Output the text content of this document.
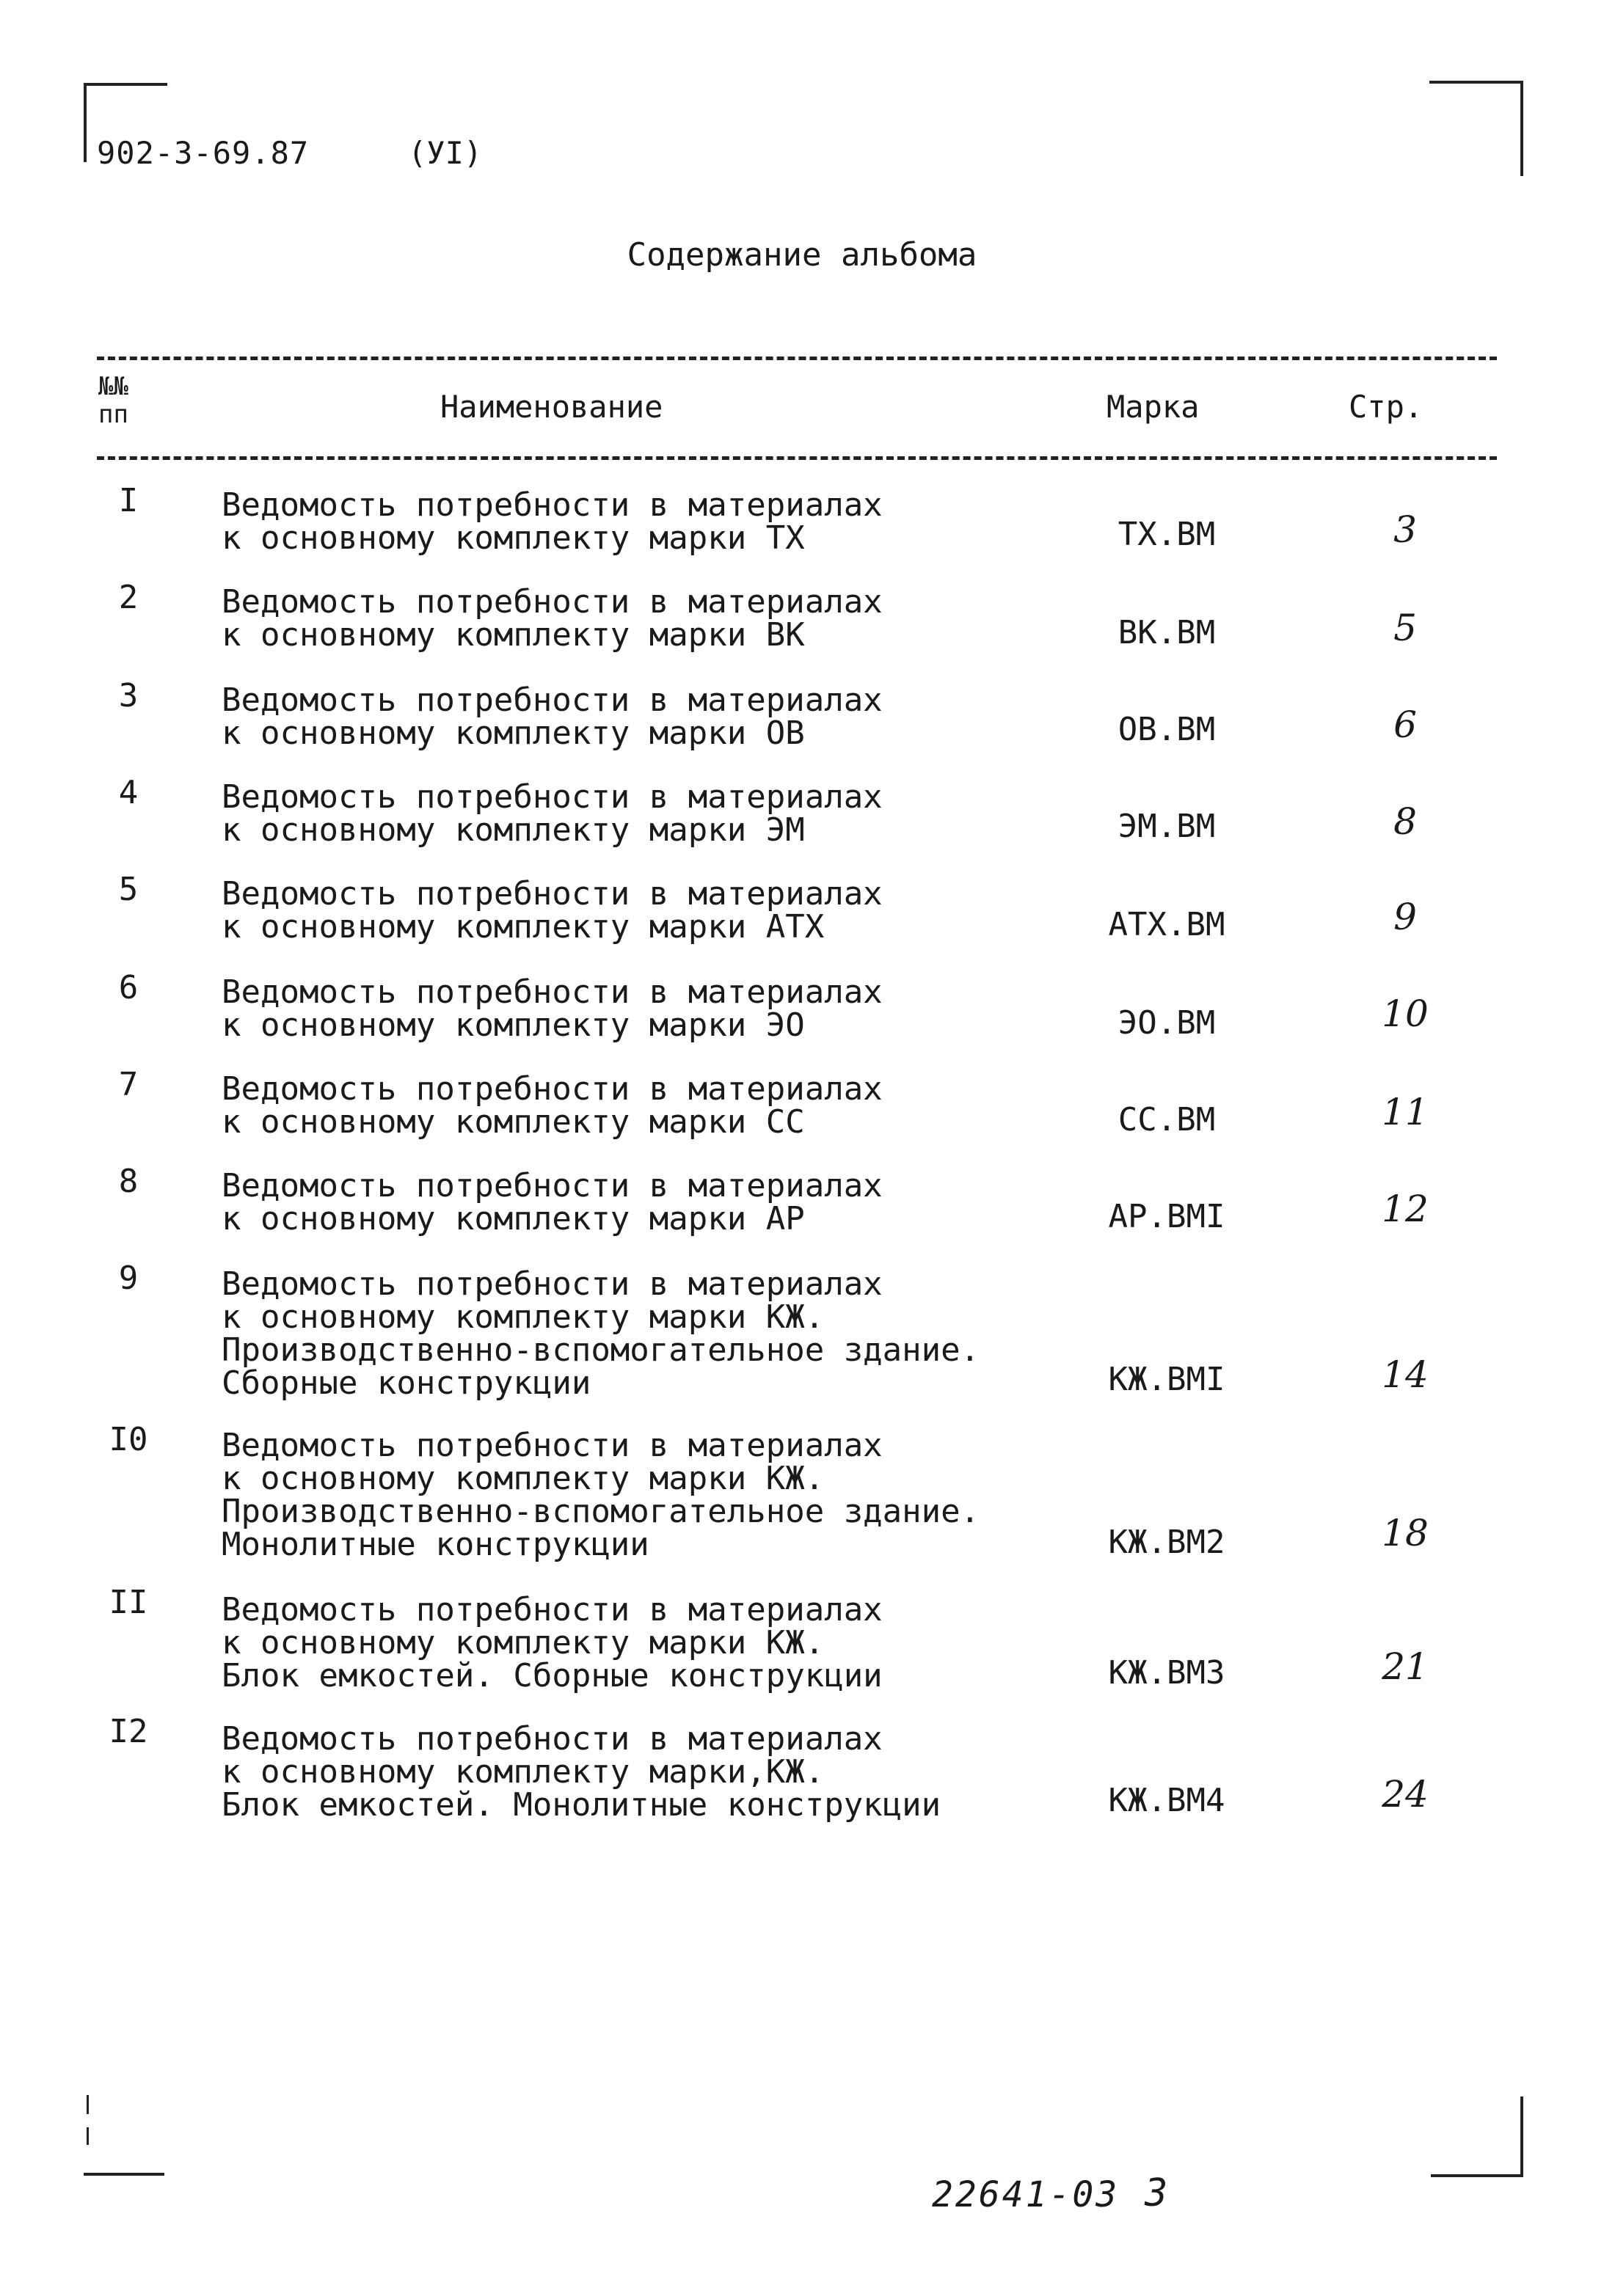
902-3-69.87	(УI)
Содержание альбома
№№
пп	Наименование	Марка	Стр.
I	Ведомость потребности в материалах
к основному комплекту марки ТХ	ТХ.ВМ	3
2	Ведомость потребности в материалах
к основному комплекту марки ВК	ВК.ВМ	5
3	Ведомость потребности в материалах
к основному комплекту марки ОВ	ОВ.ВМ	6
4	Ведомость потребности в материалах
к основному комплекту марки ЭМ	ЭМ.ВМ	8
5	Ведомость потребности в материалах
к основному комплекту марки АТХ	АТХ.ВМ	9
6	Ведомость потребности в материалах
к основному комплекту марки ЭО	ЭО.ВМ	10
7	Ведомость потребности в материалах
к основному комплекту марки СС	СС.ВМ	11
8	Ведомость потребности в материалах
к основному комплекту марки АР	АР.ВМI	12
9	Ведомость потребности в материалах
к основному комплекту марки КЖ.
Производственно-вспомогательное здание.
Сборные конструкции	КЖ.ВМI	14
I0	Ведомость потребности в материалах
к основному комплекту марки КЖ.
Производственно-вспомогательное здание.
Монолитные конструкции	КЖ.ВМ2	18
II	Ведомость потребности в материалах
к основному комплекту марки КЖ.
Блок емкостей. Сборные конструкции	КЖ.ВМ3	21
I2	Ведомость потребности в материалах
к основному комплекту марки,КЖ.
Блок емкостей. Монолитные конструкции	КЖ.ВМ4	24
22641-03 3
